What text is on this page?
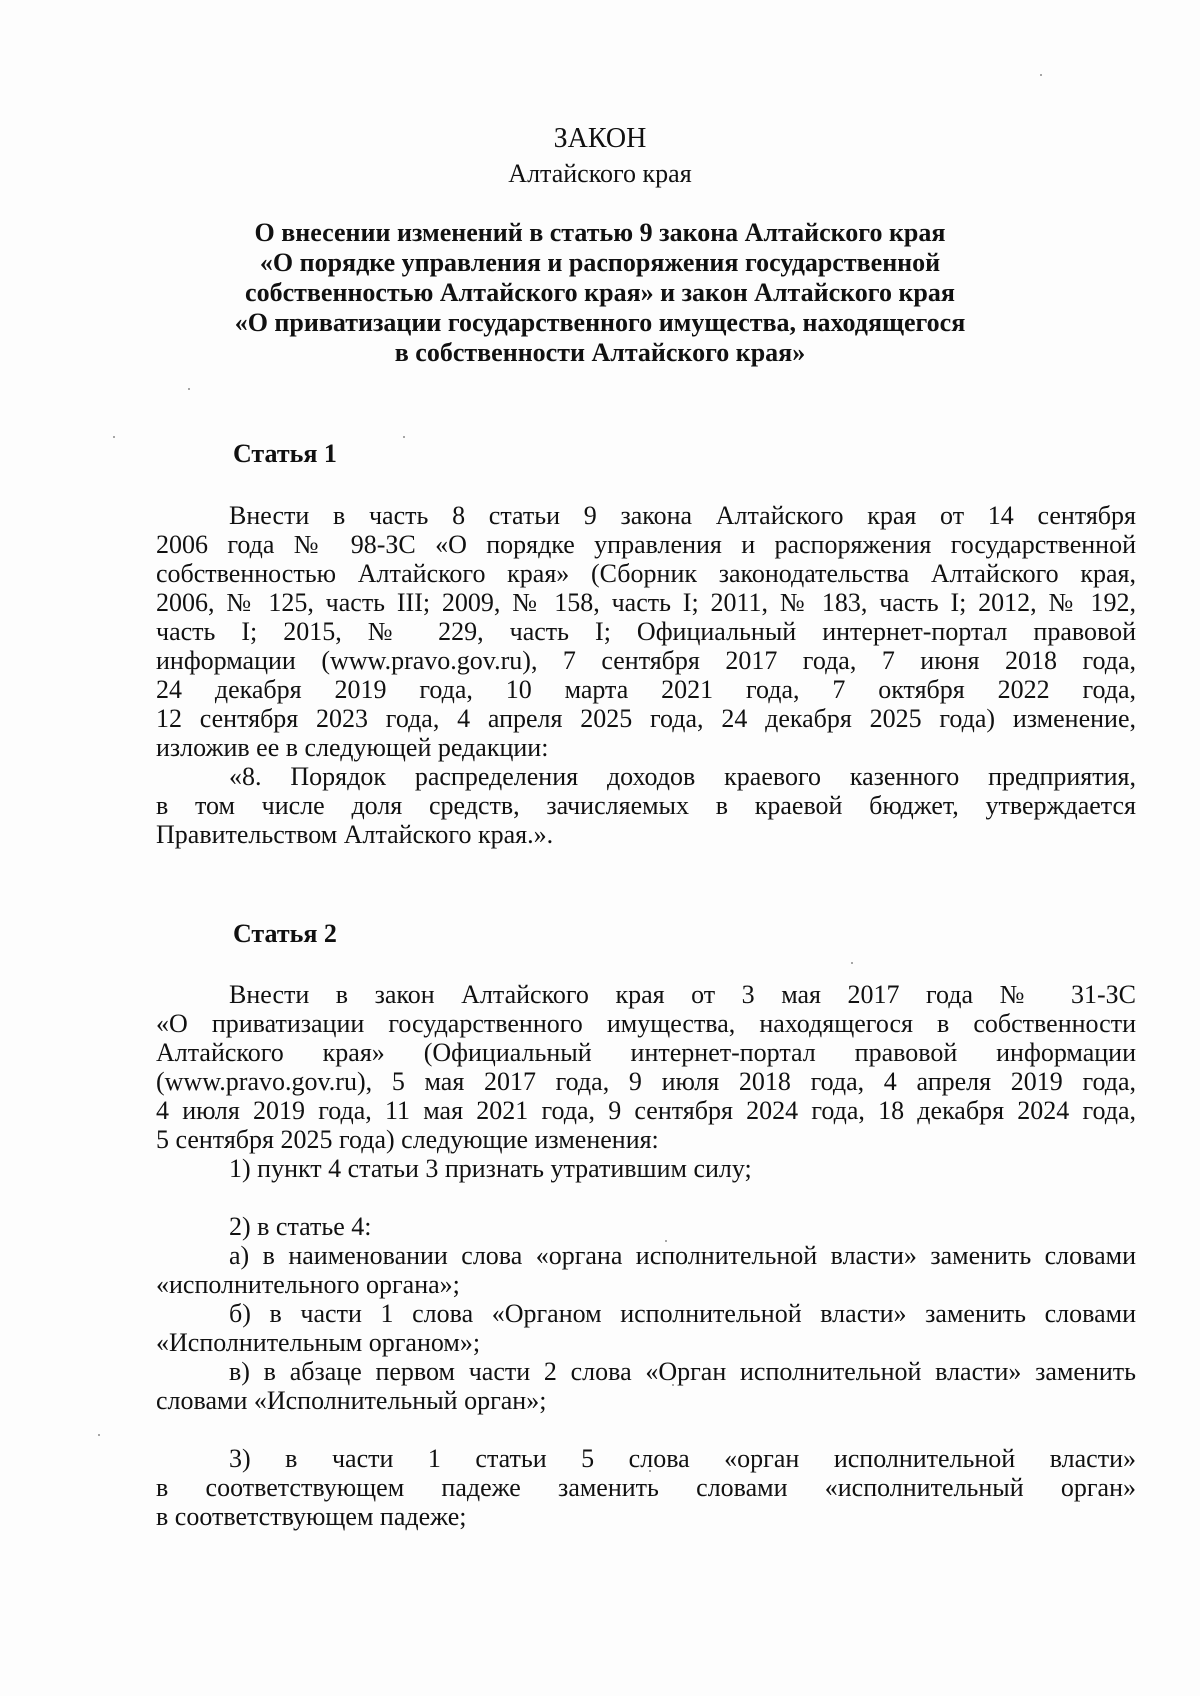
ЗАКОН
Алтайского края
О внесении изменений в статью 9 закона Алтайского края
«О порядке управления и распоряжения государственной
собственностью Алтайского края» и закон Алтайского края
«О приватизации государственного имущества, находящегося
в собственности Алтайского края»
Статья 1
Внести в часть 8 статьи 9 закона Алтайского края от 14 сентября
2006 года № 98-ЗС «О порядке управления и распоряжения государственной
собственностью Алтайского края» (Сборник законодательства Алтайского края,
2006, № 125, часть III; 2009, № 158, часть I; 2011, № 183, часть I; 2012, № 192,
часть I; 2015, № 229, часть I; Официальный интернет-портал правовой
информации (www.pravo.gov.ru), 7 сентября 2017 года, 7 июня 2018 года,
24 декабря 2019 года, 10 марта 2021 года, 7 октября 2022 года,
12 сентября 2023 года, 4 апреля 2025 года, 24 декабря 2025 года) изменение,
изложив ее в следующей редакции:
«8. Порядок распределения доходов краевого казенного предприятия,
в том числе доля средств, зачисляемых в краевой бюджет, утверждается
Правительством Алтайского края.».
Статья 2
Внести в закон Алтайского края от 3 мая 2017 года № 31-ЗС
«О приватизации государственного имущества, находящегося в собственности
Алтайского края» (Официальный интернет-портал правовой информации
(www.pravo.gov.ru), 5 мая 2017 года, 9 июля 2018 года, 4 апреля 2019 года,
4 июля 2019 года, 11 мая 2021 года, 9 сентября 2024 года, 18 декабря 2024 года,
5 сентября 2025 года) следующие изменения:
1) пункт 4 статьи 3 признать утратившим силу;
2) в статье 4:
а) в наименовании слова «органа исполнительной власти» заменить словами
«исполнительного органа»;
б) в части 1 слова «Органом исполнительной власти» заменить словами
«Исполнительным органом»;
в) в абзаце первом части 2 слова «Орган исполнительной власти» заменить
словами «Исполнительный орган»;
3) в части 1 статьи 5 слова «орган исполнительной власти»
в соответствующем падеже заменить словами «исполнительный орган»
в соответствующем падеже;
